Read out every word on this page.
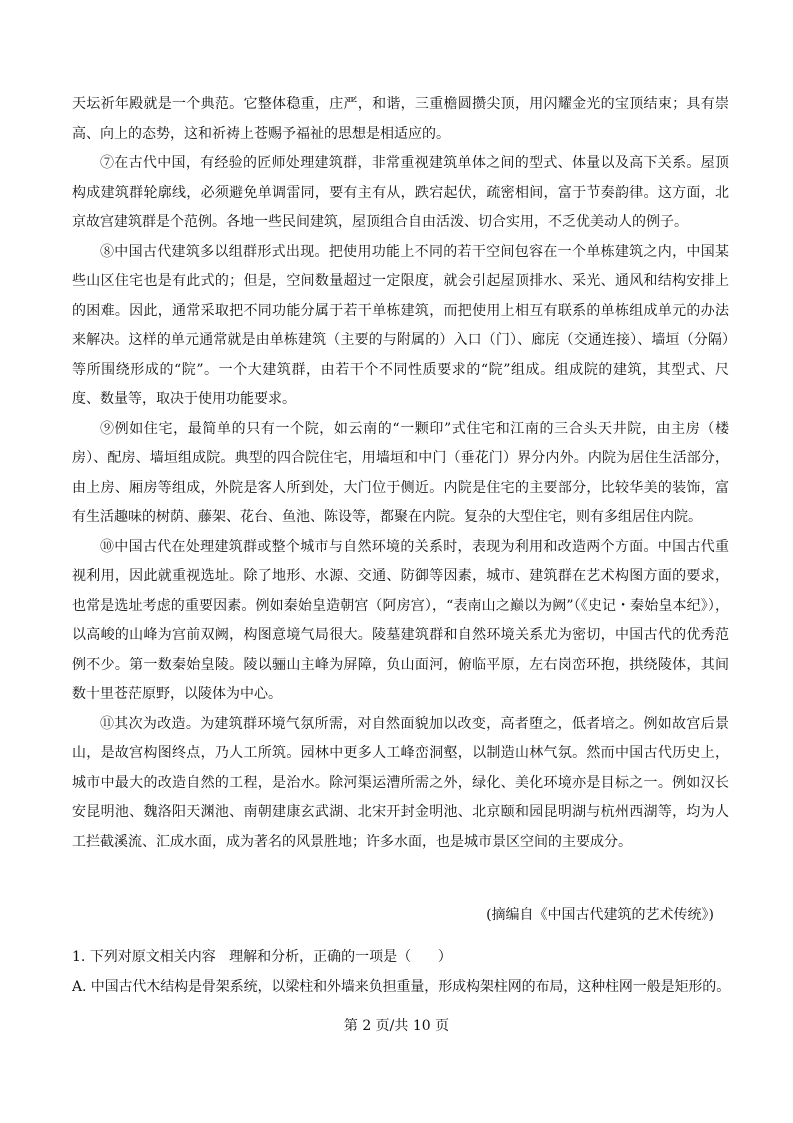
天坛祈年殿就是一个典范。它整体稳重，庄严，和谐，三重檐圆攒尖顶，用闪耀金光的宝顶结束；具有崇高、向上的态势，这和祈祷上苍赐予福祉的思想是相适应的。

⑦在古代中国，有经验的匠师处理建筑群，非常重视建筑单体之间的型式、体量以及高下关系。屋顶构成建筑群轮廓线，必须避免单调雷同，要有主有从，跌宕起伏，疏密相间，富于节奏韵律。这方面，北京故宫建筑群是个范例。各地一些民间建筑，屋顶组合自由活泼、切合实用，不乏优美动人的例子。

⑧中国古代建筑多以组群形式出现。把使用功能上不同的若干空间包容在一个单栋建筑之内，中国某些山区住宅也是有此式的；但是，空间数量超过一定限度，就会引起屋顶排水、采光、通风和结构安排上的困难。因此，通常采取把不同功能分属于若干单栋建筑，而把使用上相互有联系的单栋组成单元的办法来解决。这样的单元通常就是由单栋建筑（主要的与附属的）入口（门）、廊庑（交通连接）、墙垣（分隔）等所围绕形成的“院”。一个大建筑群，由若干个不同性质要求的“院”组成。组成院的建筑，其型式、尺度、数量等，取决于使用功能要求。

⑨例如住宅，最简单的只有一个院，如云南的“一颗印”式住宅和江南的三合头天井院，由主房（楼房）、配房、墙垣组成院。典型的四合院住宅，用墙垣和中门（垂花门）界分内外。内院为居住生活部分，由上房、厢房等组成，外院是客人所到处，大门位于侧近。内院是住宅的主要部分，比较华美的装饰，富有生活趣味的树荫、藤架、花台、鱼池、陈设等，都聚在内院。复杂的大型住宅，则有多组居住内院。

⑩中国古代在处理建筑群或整个城市与自然环境的关系时，表现为利用和改造两个方面。中国古代重视利用，因此就重视选址。除了地形、水源、交通、防御等因素，城市、建筑群在艺术构图方面的要求，也常是选址考虑的重要因素。例如秦始皇造朝宫（阿房宫），“表南山之巅以为阙”（《史记・秦始皇本纪》），以高峻的山峰为宫前双阙，构图意境气局很大。陵墓建筑群和自然环境关系尤为密切，中国古代的优秀范例不少。第一数秦始皇陵。陵以骊山主峰为屏障，负山面河，俯临平原，左右岗峦环抱，拱绕陵体，其间数十里苍茫原野，以陵体为中心。

⑪其次为改造。为建筑群环境气氛所需，对自然面貌加以改变，高者堕之，低者培之。例如故宫后景山，是故宫构图终点，乃人工所筑。园林中更多人工峰峦洞壑，以制造山林气氛。然而中国古代历史上，城市中最大的改造自然的工程，是治水。除河渠运漕所需之外，绿化、美化环境亦是目标之一。例如汉长安昆明池、魏洛阳天渊池、南朝建康玄武湖、北宋开封金明池、北京颐和园昆明湖与杭州西湖等，均为人工拦截溪流、汇成水面，成为著名的风景胜地；许多水面，也是城市景区空间的主要成分。

(摘编自《中国古代建筑的艺术传统》)
1. 下列对原文相关内容   理解和分析，正确的一项是（      ）
A. 中国古代木结构是骨架系统，以梁柱和外墙来负担重量，形成构架柱网的布局，这种柱网一般是矩形的。
第 2 页/共 10 页
